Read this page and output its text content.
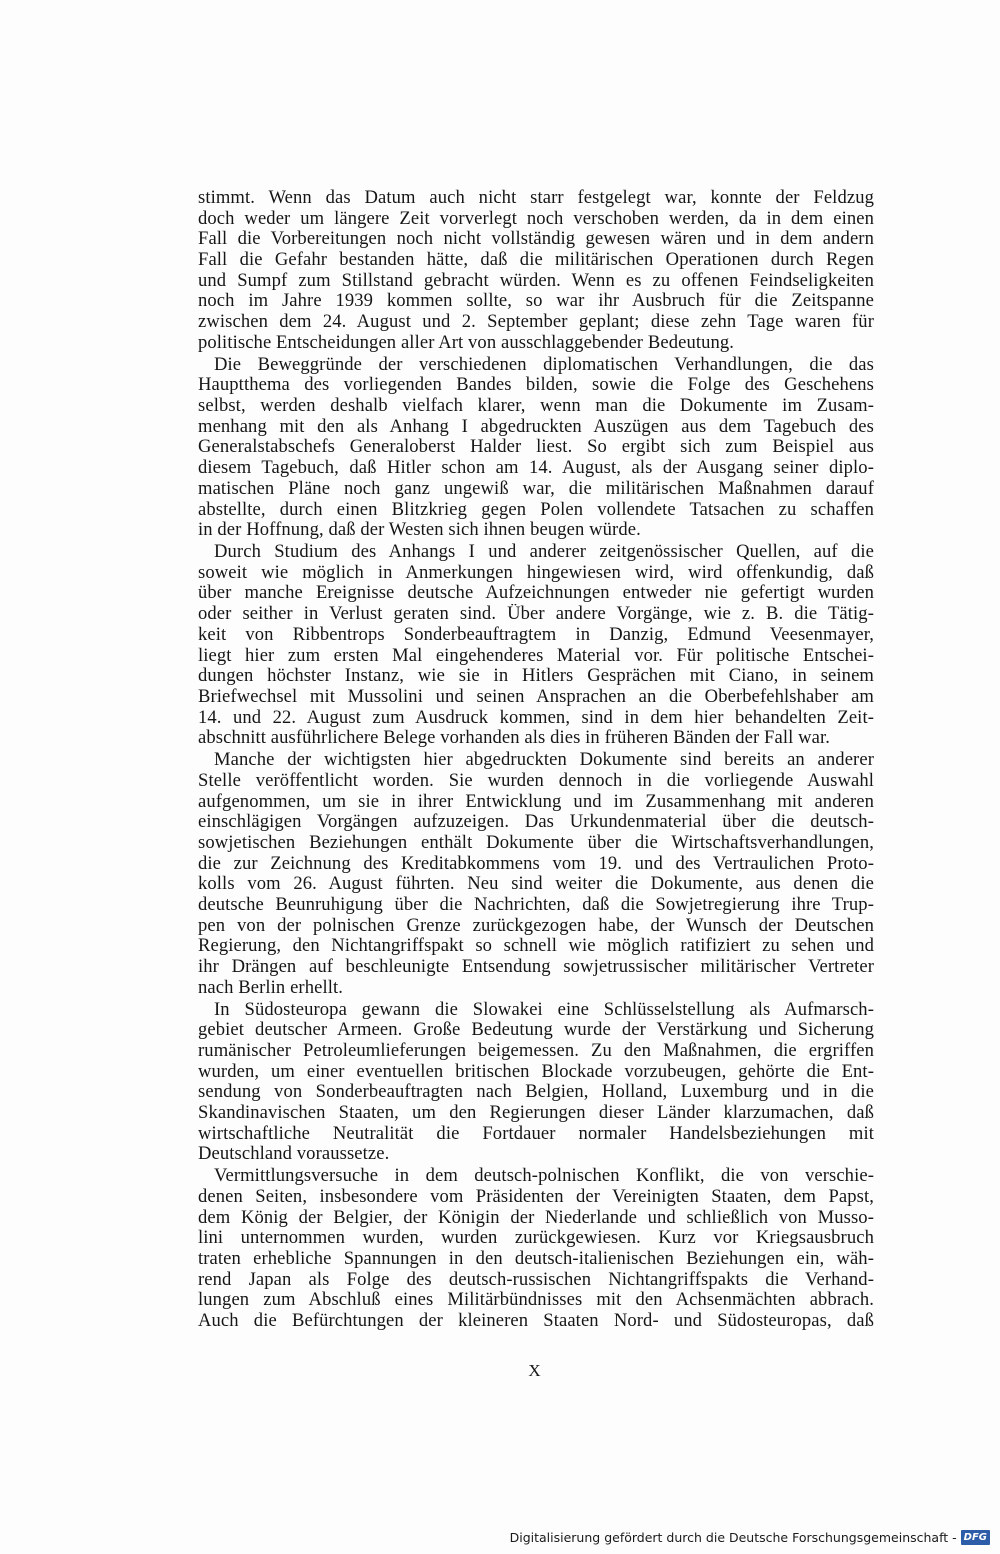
stimmt. Wenn das Datum auch nicht starr festgelegt war, konnte der Feldzug
doch weder um längere Zeit vorverlegt noch verschoben werden, da in dem einen
Fall die Vorbereitungen noch nicht vollständig gewesen wären und in dem andern
Fall die Gefahr bestanden hätte, daß die militärischen Operationen durch Regen
und Sumpf zum Stillstand gebracht würden. Wenn es zu offenen Feindseligkeiten
noch im Jahre 1939 kommen sollte, so war ihr Ausbruch für die Zeitspanne
zwischen dem 24. August und 2. September geplant; diese zehn Tage waren für
politische Entscheidungen aller Art von ausschlaggebender Bedeutung.
Die Beweggründe der verschiedenen diplomatischen Verhandlungen, die das
Hauptthema des vorliegenden Bandes bilden, sowie die Folge des Geschehens
selbst, werden deshalb vielfach klarer, wenn man die Dokumente im Zusam-
menhang mit den als Anhang I abgedruckten Auszügen aus dem Tagebuch des
Generalstabschefs Generaloberst Halder liest. So ergibt sich zum Beispiel aus
diesem Tagebuch, daß Hitler schon am 14. August, als der Ausgang seiner diplo-
matischen Pläne noch ganz ungewiß war, die militärischen Maßnahmen darauf
abstellte, durch einen Blitzkrieg gegen Polen vollendete Tatsachen zu schaffen
in der Hoffnung, daß der Westen sich ihnen beugen würde.
Durch Studium des Anhangs I und anderer zeitgenössischer Quellen, auf die
soweit wie möglich in Anmerkungen hingewiesen wird, wird offenkundig, daß
über manche Ereignisse deutsche Aufzeichnungen entweder nie gefertigt wurden
oder seither in Verlust geraten sind. Über andere Vorgänge, wie z. B. die Tätig-
keit von Ribbentrops Sonderbeauftragtem in Danzig, Edmund Veesenmayer,
liegt hier zum ersten Mal eingehenderes Material vor. Für politische Entschei-
dungen höchster Instanz, wie sie in Hitlers Gesprächen mit Ciano, in seinem
Briefwechsel mit Mussolini und seinen Ansprachen an die Oberbefehlshaber am
14. und 22. August zum Ausdruck kommen, sind in dem hier behandelten Zeit-
abschnitt ausführlichere Belege vorhanden als dies in früheren Bänden der Fall war.
Manche der wichtigsten hier abgedruckten Dokumente sind bereits an anderer
Stelle veröffentlicht worden. Sie wurden dennoch in die vorliegende Auswahl
aufgenommen, um sie in ihrer Entwicklung und im Zusammenhang mit anderen
einschlägigen Vorgängen aufzuzeigen. Das Urkundenmaterial über die deutsch-
sowjetischen Beziehungen enthält Dokumente über die Wirtschaftsverhandlungen,
die zur Zeichnung des Kreditabkommens vom 19. und des Vertraulichen Proto-
kolls vom 26. August führten. Neu sind weiter die Dokumente, aus denen die
deutsche Beunruhigung über die Nachrichten, daß die Sowjetregierung ihre Trup-
pen von der polnischen Grenze zurückgezogen habe, der Wunsch der Deutschen
Regierung, den Nichtangriffspakt so schnell wie möglich ratifiziert zu sehen und
ihr Drängen auf beschleunigte Entsendung sowjetrussischer militärischer Vertreter
nach Berlin erhellt.
In Südosteuropa gewann die Slowakei eine Schlüsselstellung als Aufmarsch-
gebiet deutscher Armeen. Große Bedeutung wurde der Verstärkung und Sicherung
rumänischer Petroleumlieferungen beigemessen. Zu den Maßnahmen, die ergriffen
wurden, um einer eventuellen britischen Blockade vorzubeugen, gehörte die Ent-
sendung von Sonderbeauftragten nach Belgien, Holland, Luxemburg und in die
Skandinavischen Staaten, um den Regierungen dieser Länder klarzumachen, daß
wirtschaftliche Neutralität die Fortdauer normaler Handelsbeziehungen mit
Deutschland voraussetze.
Vermittlungsversuche in dem deutsch-polnischen Konflikt, die von verschie-
denen Seiten, insbesondere vom Präsidenten der Vereinigten Staaten, dem Papst,
dem König der Belgier, der Königin der Niederlande und schließlich von Musso-
lini unternommen wurden, wurden zurückgewiesen. Kurz vor Kriegsausbruch
traten erhebliche Spannungen in den deutsch-italienischen Beziehungen ein, wäh-
rend Japan als Folge des deutsch-russischen Nichtangriffspakts die Verhand-
lungen zum Abschluß eines Militärbündnisses mit den Achsenmächten abbrach.
Auch die Befürchtungen der kleineren Staaten Nord- und Südosteuropas, daß
X
Digitalisierung gefördert durch die Deutsche Forschungsgemeinschaft - DFG
